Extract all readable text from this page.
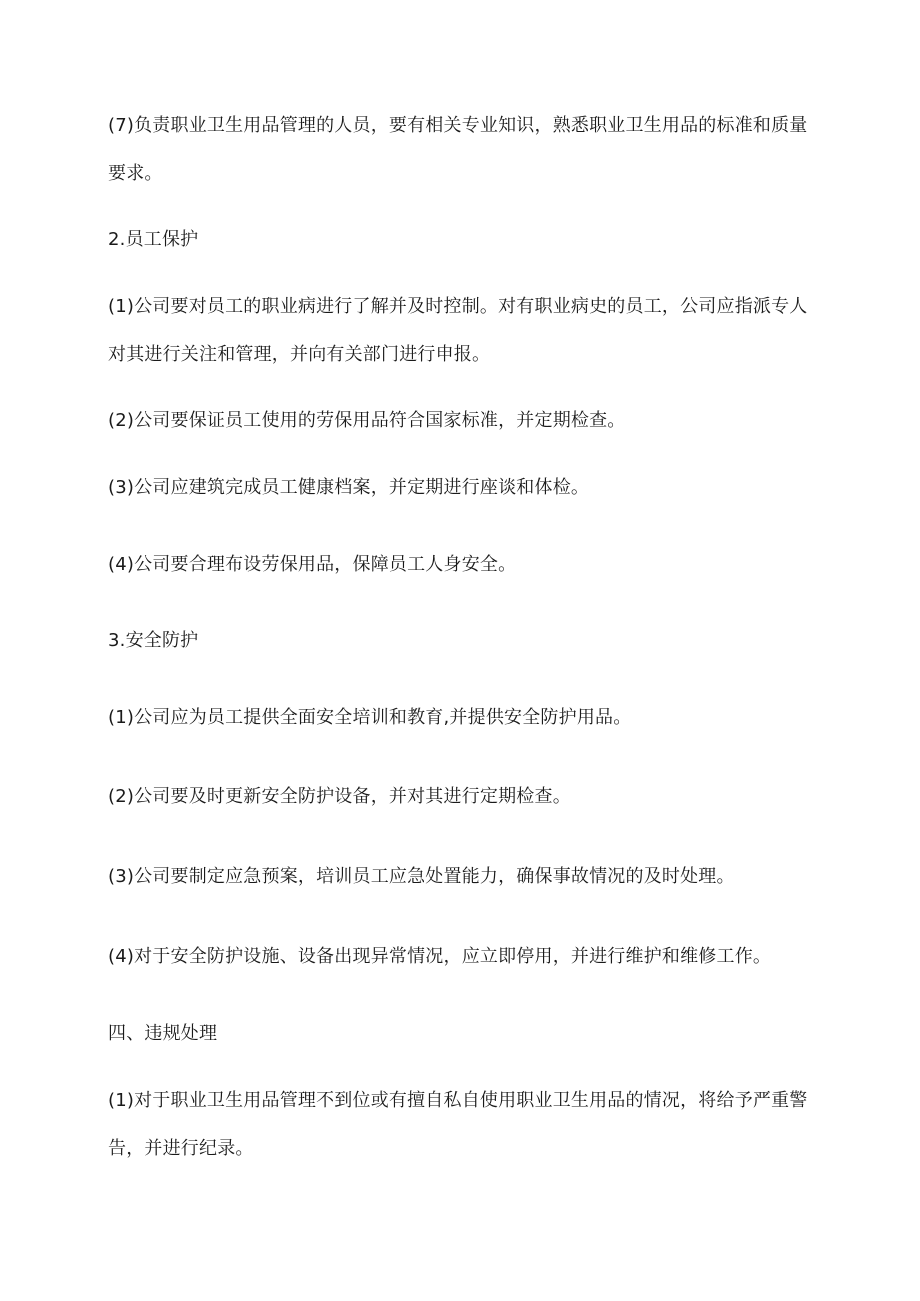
(7)负责职业卫生用品管理的人员，要有相关专业知识，熟悉职业卫生用品的标准和质量要求。

2.员工保护

(1)公司要对员工的职业病进行了解并及时控制。对有职业病史的员工，公司应指派专人对其进行关注和管理，并向有关部门进行申报。

(2)公司要保证员工使用的劳保用品符合国家标准，并定期检查。

(3)公司应建筑完成员工健康档案，并定期进行座谈和体检。

(4)公司要合理布设劳保用品，保障员工人身安全。

3.安全防护

(1)公司应为员工提供全面安全培训和教育,并提供安全防护用品。

(2)公司要及时更新安全防护设备，并对其进行定期检查。

(3)公司要制定应急预案，培训员工应急处置能力，确保事故情况的及时处理。

(4)对于安全防护设施、设备出现异常情况，应立即停用，并进行维护和维修工作。

四、违规处理

(1)对于职业卫生用品管理不到位或有擅自私自使用职业卫生用品的情况，将给予严重警告，并进行纪录。
